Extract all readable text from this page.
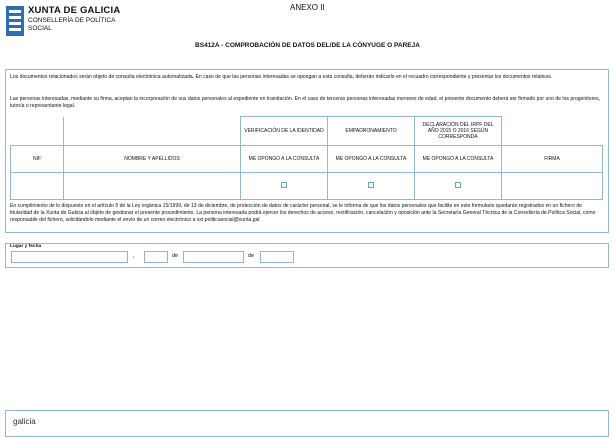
XUNTA DE GALICIA
CONSELLERÍA DE POLÍTICA
SOCIAL
ANEXO II
BS412A - COMPROBACIÓN DE DATOS DEL/DE LA CÓNYUGE O PAREJA
Los documentos relacionados serán objeto de consulta electrónica automatizada. En caso de que las personas interesadas se opongan a esta consulta, deberán indicarlo en el recuadro correspondiente y presentar los documentos relativos.
Las personas interesadas, mediante su firma, aceptan la incorporación de sus datos personales al expediente en tramitación. En el caso de terceras personas interesadas menores de edad, el presente documento deberá ser firmado por uno de los progenitores, tutor/a o representante legal.
		VERIFICACIÓN DE LA IDENTIDAD	EMPADRONAMIENTO	DECLARACIÓN DEL IRPF DEL AÑO 2015 O 2016 SEGÚN CORRESPONDA	
NIF	NOMBRE Y APELLIDOS	ME OPONGO A LA CONSULTA	ME OPONGO A LA CONSULTA	ME OPONGO A LA CONSULTA	FIRMA

En cumplimiento de lo dispuesto en el artículo 5 de la Ley orgánica 15/1999, de 13 de diciembre, de protección de datos de carácter personal, se le informa de que los datos personales que facilite en este formulario quedarán registrados en un fichero de titularidad de la Xunta de Galicia al objeto de gestionar el presente procedimiento. La persona interesada podrá ejercer los derechos de acceso, rectificación, cancelación y oposición ante la Secretaría General Técnica de la Consellería de Política Social, como responsable del fichero, solicitándolo mediante el envío de un correo electrónico a sxt.politicasocial@xunta.gal
Lugar y fecha
,	de	de
galicia
